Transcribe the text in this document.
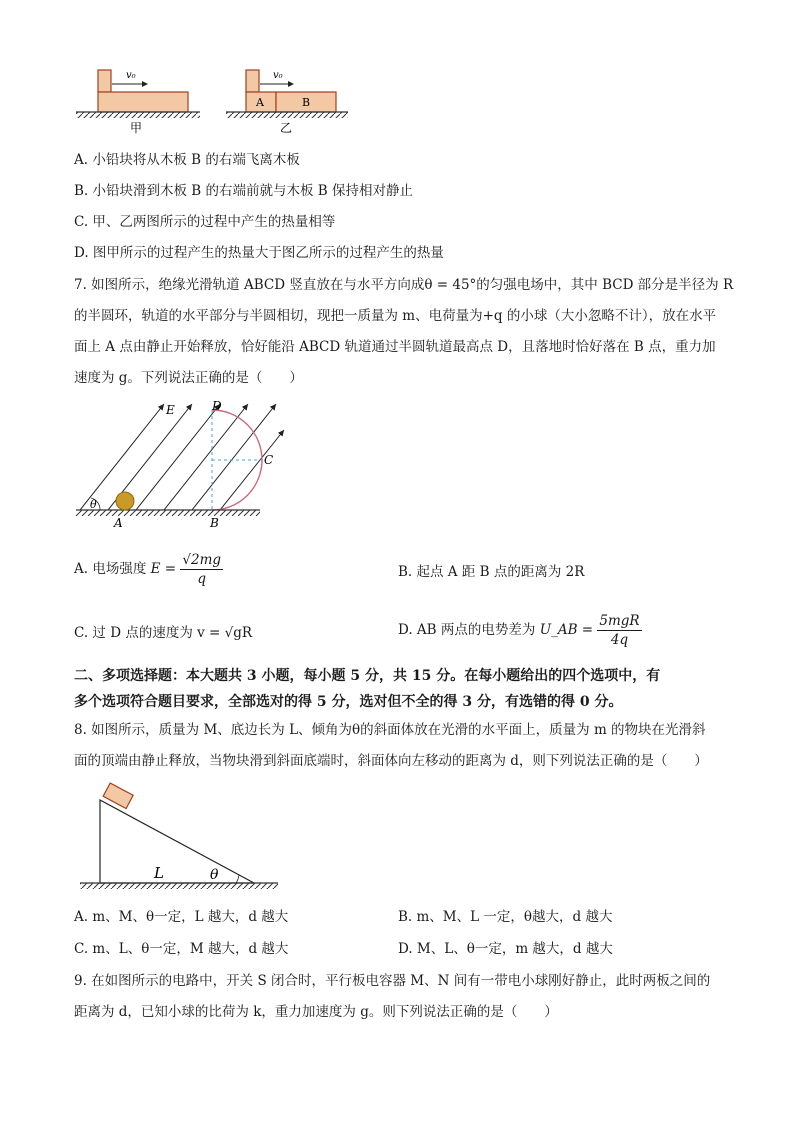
v₀
甲
A	B
v₀
乙
A. 小铅块将从木板 B 的右端飞离木板
B. 小铅块滑到木板 B 的右端前就与木板 B 保持相对静止
C. 甲、乙两图所示的过程中产生的热量相等
D. 图甲所示的过程产生的热量大于图乙所示的过程产生的热量
7. 如图所示，绝缘光滑轨道 ABCD 竖直放在与水平方向成θ = 45°的匀强电场中，其中 BCD 部分是半径为 R
的半圆环，轨道的水平部分与半圆相切，现把一质量为 m、电荷量为+q 的小球（大小忽略不计），放在水平
面上 A 点由静止开始释放，恰好能沿 ABCD 轨道通过半圆轨道最高点 D，且落地时恰好落在 B 点，重力加
速度为 g。下列说法正确的是（　　）
θ
E	D
C
A	B
A. 电场强度 $E = \frac{√2mg}{q}$	B. 起点 A 距 B 点的距离为 2R
C. 过 D 点的速度为 v = √gR	D. AB 两点的电势差为 U_AB = $\frac{\text{5mgR}}{4q}$
二、多项选择题：本大题共 3 小题，每小题 5 分，共 15 分。在每小题给出的四个选项中，有
多个选项符合题目要求，全部选对的得 5 分，选对但不全的得 3 分，有选错的得 0 分。
8. 如图所示，质量为 M、底边长为 L、倾角为θ的斜面体放在光滑的水平面上，质量为 m 的物块在光滑斜
面的顶端由静止释放，当物块滑到斜面底端时，斜面体向左移动的距离为 d，则下列说法正确的是（　　）
L	θ
A. m、M、θ一定，L 越大，d 越大	B. m、M、L 一定，θ越大，d 越大
C. m、L、θ一定，M 越大，d 越大	D. M、L、θ一定，m 越大，d 越大
9. 在如图所示的电路中，开关 S 闭合时，平行板电容器 M、N 间有一带电小球刚好静止，此时两板之间的
距离为 d，已知小球的比荷为 k，重力加速度为 g。则下列说法正确的是（　　）
